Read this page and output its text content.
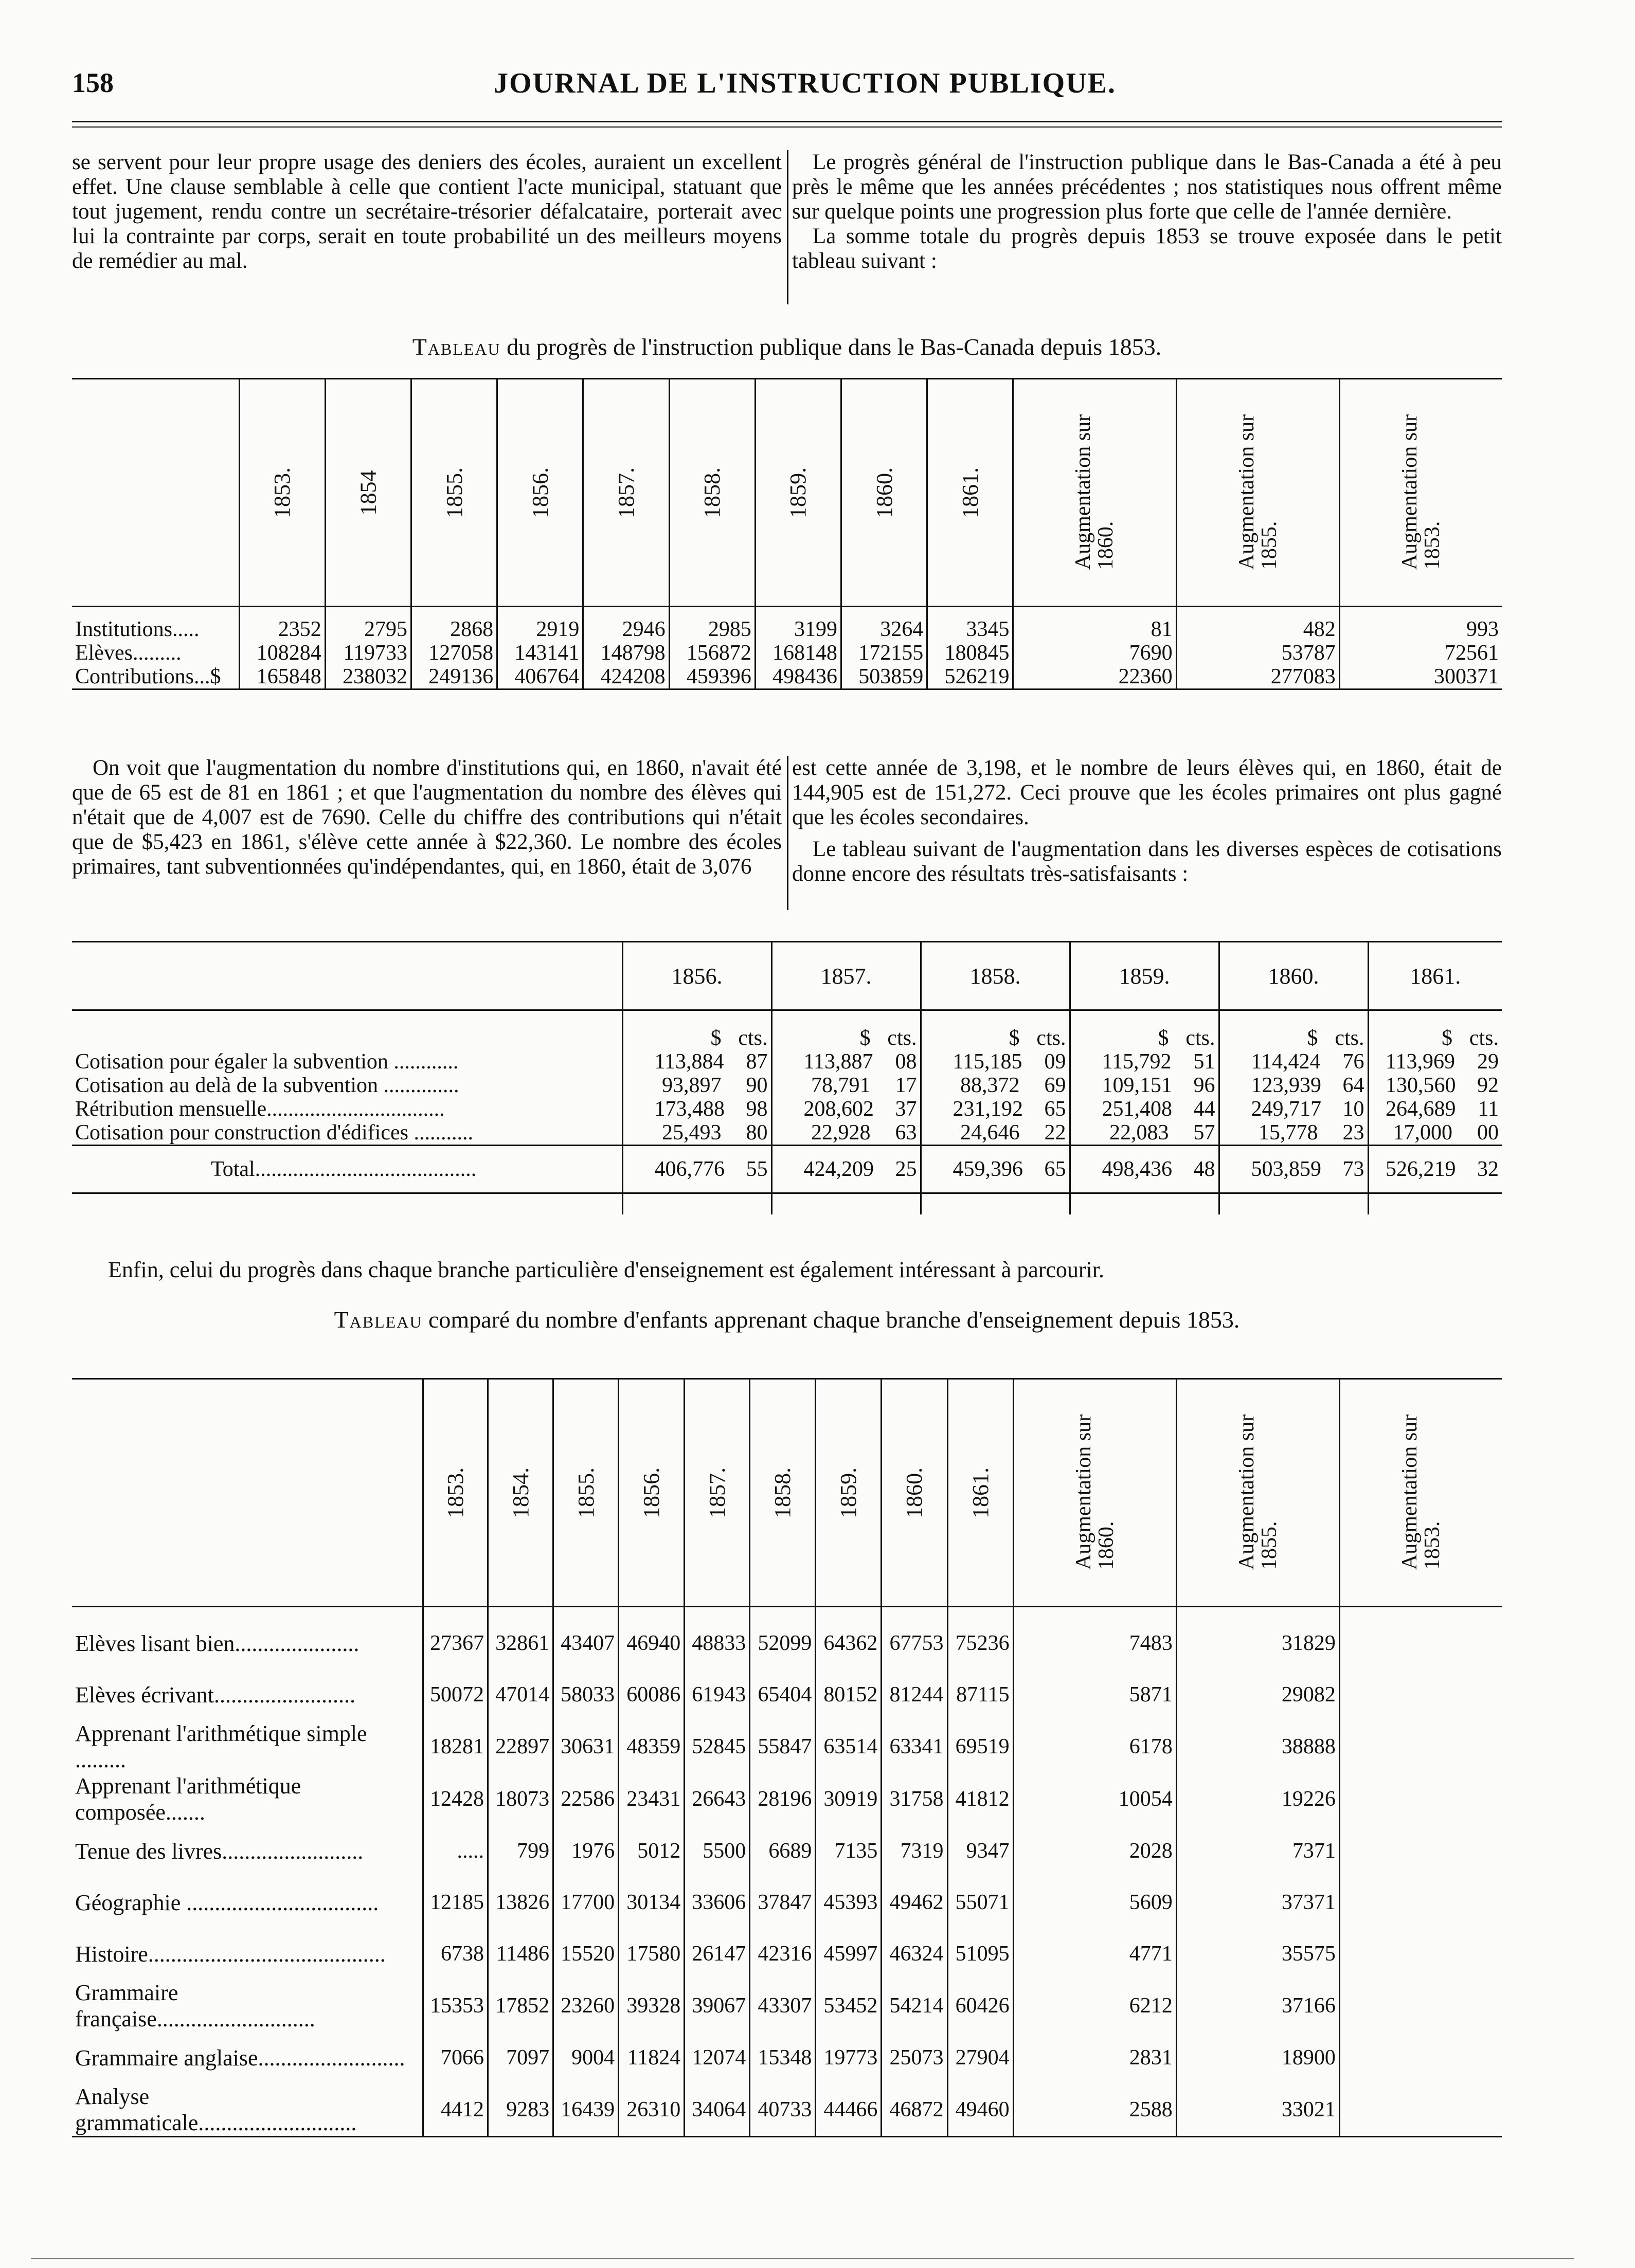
158	JOURNAL DE L'INSTRUCTION PUBLIQUE.

se servent pour leur propre usage des deniers des écoles, auraient un excellent effet. Une clause semblable à celle que contient l'acte municipal, statuant que tout jugement, rendu contre un secrétaire-trésorier défalcataire, porterait avec lui la contrainte par corps, serait en toute probabilité un des meilleurs moyens de remédier au mal.

Le progrès général de l'instruction publique dans le Bas-Canada a été à peu près le même que les années précédentes ; nos statistiques nous offrent même sur quelque points une progression plus forte que celle de l'année dernière.

La somme totale du progrès depuis 1853 se trouve exposée dans le petit tableau suivant :

Tableau du progrès de l'instruction publique dans le Bas-Canada depuis 1853.
	1853.	1854	1855.	1856.	1857.	1858.	1859.	1860.	1861.	Augmentation sur
1860.	Augmentation sur
1855.	Augmentation sur
1853.
Institutions.....	2352	2795	2868	2919	2946	2985	3199	3264	3345	81	482	993
Elèves.........	108284	119733	127058	143141	148798	156872	168148	172155	180845	7690	53787	72561
Contributions...$	165848	238032	249136	406764	424208	459396	498436	503859	526219	22360	277083	300371

On voit que l'augmentation du nombre d'institutions qui, en 1860, n'avait été que de 65 est de 81 en 1861 ; et que l'augmentation du nombre des élèves qui n'était que de 4,007 est de 7690. Celle du chiffre des contributions qui n'était que de $5,423 en 1861, s'élève cette année à $22,360. Le nombre des écoles primaires, tant subventionnées qu'indépendantes, qui, en 1860, était de 3,076

est cette année de 3,198, et le nombre de leurs élèves qui, en 1860, était de 144,905 est de 151,272. Ceci prouve que les écoles primaires ont plus gagné que les écoles secondaires.

Le tableau suivant de l'augmentation dans les diverses espèces de cotisations donne encore des résultats très-satisfaisants :

	1856.	1857.	1858.	1859.	1860.	1861.
	$ cts.	$ cts.	$ cts.	$ cts.	$ cts.	$ cts.
Cotisation pour égaler la subvention ............	113,884 87	113,887 08	115,185 09	115,792 51	114,424 76	113,969 29
Cotisation au delà de la subvention ..............	93,897 90	78,791 17	88,372 69	109,151 96	123,939 64	130,560 92
Rétribution mensuelle.................................	173,488 98	208,602 37	231,192 65	251,408 44	249,717 10	264,689 11
Cotisation pour construction d'édifices ...........	25,493 80	22,928 63	24,646 22	22,083 57	15,778 23	17,000 00
Total.........................................	406,776 55	424,209 25	459,396 65	498,436 48	503,859 73	526,219 32

Enfin, celui du progrès dans chaque branche particulière d'enseignement est également intéressant à parcourir.
Tableau comparé du nombre d'enfants apprenant chaque branche d'enseignement depuis 1853.
	1853.	1854.	1855.	1856.	1857.	1858.	1859.	1860.	1861.	Augmentation sur
1860.	Augmentation sur
1855.	Augmentation sur
1853.
Elèves lisant bien......................	27367	32861	43407	46940	48833	52099	64362	67753	75236	7483	31829	
Elèves écrivant.........................	50072	47014	58033	60086	61943	65404	80152	81244	87115	5871	29082	
Apprenant l'arithmétique simple .........	18281	22897	30631	48359	52845	55847	63514	63341	69519	6178	38888	
Apprenant l'arithmétique composée.......	12428	18073	22586	23431	26643	28196	30919	31758	41812	10054	19226	
Tenue des livres.........................	.....	799	1976	5012	5500	6689	7135	7319	9347	2028	7371	
Géographie ..................................	12185	13826	17700	30134	33606	37847	45393	49462	55071	5609	37371	
Histoire..........................................	6738	11486	15520	17580	26147	42316	45997	46324	51095	4771	35575	
Grammaire française............................	15353	17852	23260	39328	39067	43307	53452	54214	60426	6212	37166	
Grammaire anglaise..........................	7066	7097	9004	11824	12074	15348	19773	25073	27904	2831	18900	
Analyse grammaticale............................	4412	9283	16439	26310	34064	40733	44466	46872	49460	2588	33021	
